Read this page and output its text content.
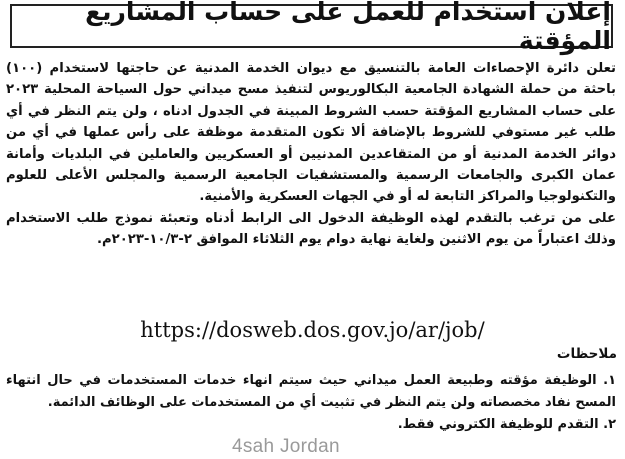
إعلان استخدام للعمل على حساب المشاريع المؤقتة

تعلن دائرة الإحصاءات العامة بالتنسيق مع ديوان الخدمة المدنية عن حاجتها لاستخدام (١٠٠) باحثة من حملة الشهادة الجامعية البكالوريوس لتنفيذ مسح ميداني حول السياحة المحلية ٢٠٢٣ على حساب المشاريع المؤقتة حسب الشروط المبينة في الجدول ادناه ، ولن يتم النظر في أي طلب غير مستوفي للشروط بالإضافة ألا تكون المتقدمة موظفة على رأس عملها في أي من دوائر الخدمة المدنية أو من المتقاعدين المدنيين أو العسكريين والعاملين في البلديات وأمانة عمان الكبرى والجامعات الرسمية والمستشفيات الجامعية الرسمية والمجلس الأعلى للعلوم والتكنولوجيا والمراكز التابعة له أو في الجهات العسكرية والأمنية.

على من ترغب بالتقدم لهذه الوظيفة الدخول الى الرابط أدناه وتعبئة نموذج طلب الاستخدام وذلك اعتباراً من يوم الاثنين ولغاية نهاية دوام يوم الثلاثاء الموافق ٢-١٠/٣-٢٠٢٣م.

https://dosweb.dos.gov.jo/ar/job/
ملاحظات

١. الوظيفة مؤقته وطبيعة العمل ميداني حيث سيتم انهاء خدمات المستخدمات في حال انتهاء المسح نفاد مخصصاته ولن يتم النظر في تثبيت أي من المستخدمات على الوظائف الدائمة.

٢. التقدم للوظيفة الكتروني فقط.

4sah Jordan
